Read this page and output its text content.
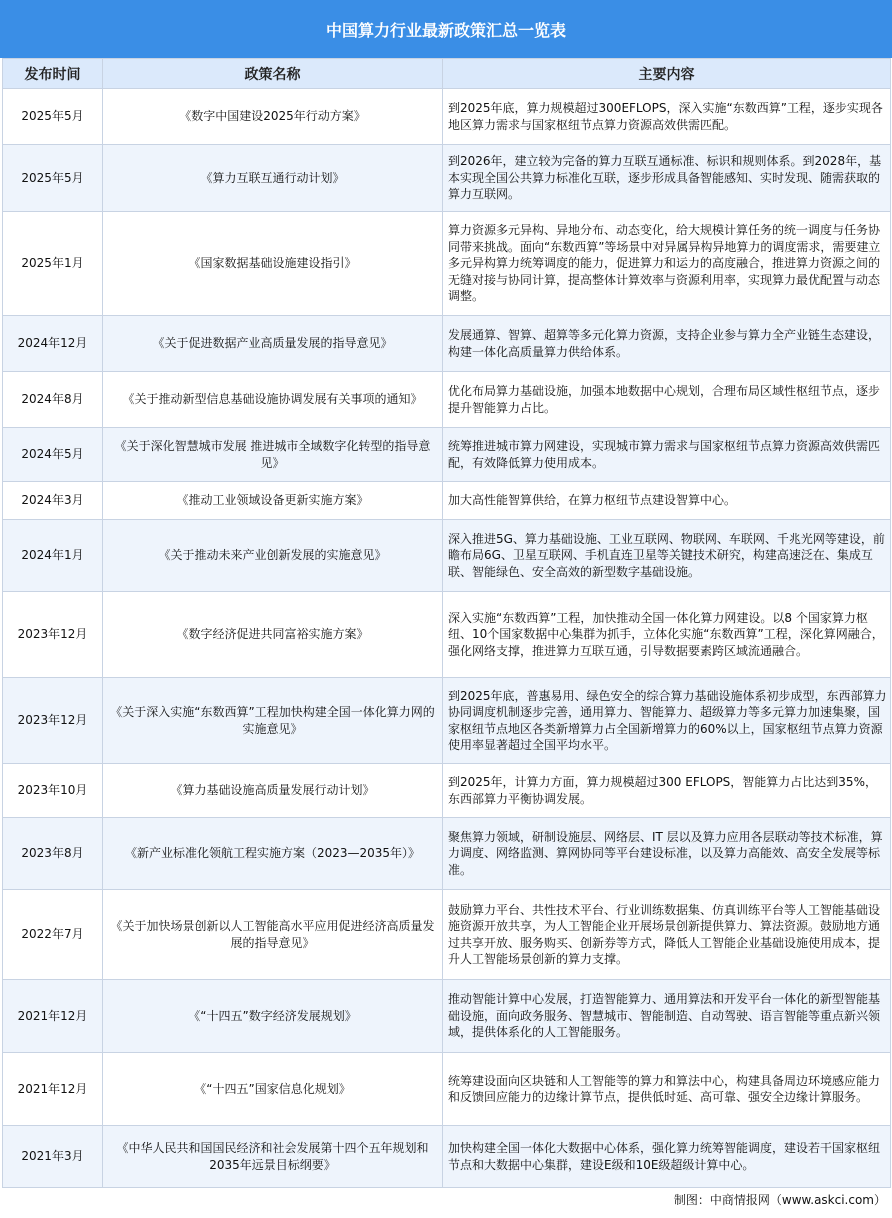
中国算力行业最新政策汇总一览表
发布时间	政策名称	主要内容
2025年5月	《数字中国建设2025年行动方案》	到2025年底，算力规模超过300EFLOPS，深入实施“东数西算”工程，逐步实现各地区算力需求与国家枢纽节点算力资源高效供需匹配。
2025年5月	《算力互联互通行动计划》	到2026年，建立较为完备的算力互联互通标准、标识和规则体系。到2028年，基本实现全国公共算力标准化互联，逐步形成具备智能感知、实时发现、随需获取的算力互联网。
2025年1月	《国家数据基础设施建设指引》	算力资源多元异构、异地分布、动态变化，给大规模计算任务的统一调度与任务协同带来挑战。面向“东数西算”等场景中对异属异构异地算力的调度需求，需要建立多元异构算力统筹调度的能力，促进算力和运力的高度融合，推进算力资源之间的无缝对接与协同计算，提高整体计算效率与资源利用率，实现算力最优配置与动态调整。
2024年12月	《关于促进数据产业高质量发展的指导意见》	发展通算、智算、超算等多元化算力资源，支持企业参与算力全产业链生态建设，构建一体化高质量算力供给体系。
2024年8月	《关于推动新型信息基础设施协调发展有关事项的通知》	优化布局算力基础设施，加强本地数据中心规划，合理布局区域性枢纽节点，逐步提升智能算力占比。
2024年5月	《关于深化智慧城市发展 推进城市全域数字化转型的指导意见》	统筹推进城市算力网建设，实现城市算力需求与国家枢纽节点算力资源高效供需匹配，有效降低算力使用成本。
2024年3月	《推动工业领域设备更新实施方案》	加大高性能智算供给，在算力枢纽节点建设智算中心。
2024年1月	《关于推动未来产业创新发展的实施意见》	深入推进5G、算力基础设施、工业互联网、物联网、车联网、千兆光网等建设，前瞻布局6G、卫星互联网、手机直连卫星等关键技术研究，构建高速泛在、集成互联、智能绿色、安全高效的新型数字基础设施。
2023年12月	《数字经济促进共同富裕实施方案》	深入实施“东数西算”工程，加快推动全国一体化算力网建设。以8 个国家算力枢纽、10个国家数据中心集群为抓手，立体化实施“东数西算”工程，深化算网融合，强化网络支撑，推进算力互联互通，引导数据要素跨区域流通融合。
2023年12月	《关于深入实施“东数西算”工程加快构建全国一体化算力网的实施意见》	到2025年底，普惠易用、绿色安全的综合算力基础设施体系初步成型，东西部算力协同调度机制逐步完善，通用算力、智能算力、超级算力等多元算力加速集聚，国家枢纽节点地区各类新增算力占全国新增算力的60%以上，国家枢纽节点算力资源使用率显著超过全国平均水平。
2023年10月	《算力基础设施高质量发展行动计划》	到2025年，计算力方面，算力规模超过300 EFLOPS，智能算力占比达到35%，东西部算力平衡协调发展。
2023年8月	《新产业标准化领航工程实施方案（2023—2035年）》	聚焦算力领域，研制设施层、网络层、IT 层以及算力应用各层联动等技术标准，算力调度、网络监测、算网协同等平台建设标准，以及算力高能效、高安全发展等标准。
2022年7月	《关于加快场景创新以人工智能高水平应用促进经济高质量发展的指导意见》	鼓励算力平台、共性技术平台、行业训练数据集、仿真训练平台等人工智能基础设施资源开放共享，为人工智能企业开展场景创新提供算力、算法资源。鼓励地方通过共享开放、服务购买、创新券等方式，降低人工智能企业基础设施使用成本，提升人工智能场景创新的算力支撑。
2021年12月	《“十四五”数字经济发展规划》	推动智能计算中心发展，打造智能算力、通用算法和开发平台一体化的新型智能基础设施，面向政务服务、智慧城市、智能制造、自动驾驶、语言智能等重点新兴领域，提供体系化的人工智能服务。
2021年12月	《“十四五”国家信息化规划》	统筹建设面向区块链和人工智能等的算力和算法中心，构建具备周边环境感应能力和反馈回应能力的边缘计算节点，提供低时延、高可靠、强安全边缘计算服务。
2021年3月	《中华人民共和国国民经济和社会发展第十四个五年规划和2035年远景目标纲要》	加快构建全国一体化大数据中心体系，强化算力统筹智能调度，建设若干国家枢纽节点和大数据中心集群，建设E级和10E级超级计算中心。
制图：中商情报网（www.askci.com）
